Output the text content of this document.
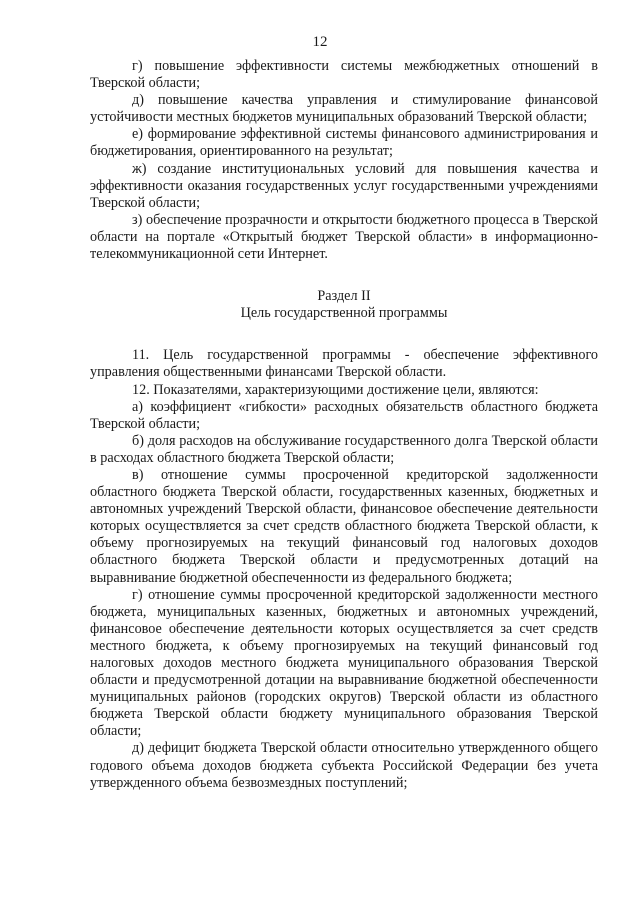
12

г) повышение эффективности системы межбюджетных отношений в Тверской области;

д) повышение качества управления и стимулирование финансовой устойчивости местных бюджетов муниципальных образований Тверской области;

е) формирование эффективной системы финансового администрирования и бюджетирования, ориентированного на результат;

ж) создание институциональных условий для повышения качества и эффективности оказания государственных услуг государственными учреждениями Тверской области;

з) обеспечение прозрачности и открытости бюджетного процесса в Тверской области на портале «Открытый бюджет Тверской области» в информационно- телекоммуникационной сети Интернет.

Раздел II

Цель государственной программы

11. Цель государственной программы - обеспечение эффективного управления общественными финансами Тверской области.

12. Показателями, характеризующими достижение цели, являются:

а) коэффициент «гибкости» расходных обязательств областного бюджета Тверской области;

б) доля расходов на обслуживание государственного долга Тверской области в расходах областного бюджета Тверской области;

в) отношение суммы просроченной кредиторской задолженности областного бюджета Тверской области, государственных казенных, бюджетных и автономных учреждений Тверской области, финансовое обеспечение деятельности которых осуществляется за счет средств областного бюджета Тверской области, к объему прогнозируемых на текущий финансовый год налоговых доходов областного бюджета Тверской области и предусмотренных дотаций на выравнивание бюджетной обеспеченности из федерального бюджета;

г) отношение суммы просроченной кредиторской задолженности местного бюджета, муниципальных казенных, бюджетных и автономных учреждений, финансовое обеспечение деятельности которых осуществляется за счет средств местного бюджета, к объему прогнозируемых на текущий финансовый год налоговых доходов местного бюджета муниципального образования Тверской области и предусмотренной дотации на выравнивание бюджетной обеспеченности муниципальных районов (городских округов) Тверской области из областного бюджета Тверской области бюджету муниципального образования Тверской области;

д) дефицит бюджета Тверской области относительно утвержденного общего годового объема доходов бюджета субъекта Российской Федерации без учета утвержденного объема безвозмездных поступлений;
